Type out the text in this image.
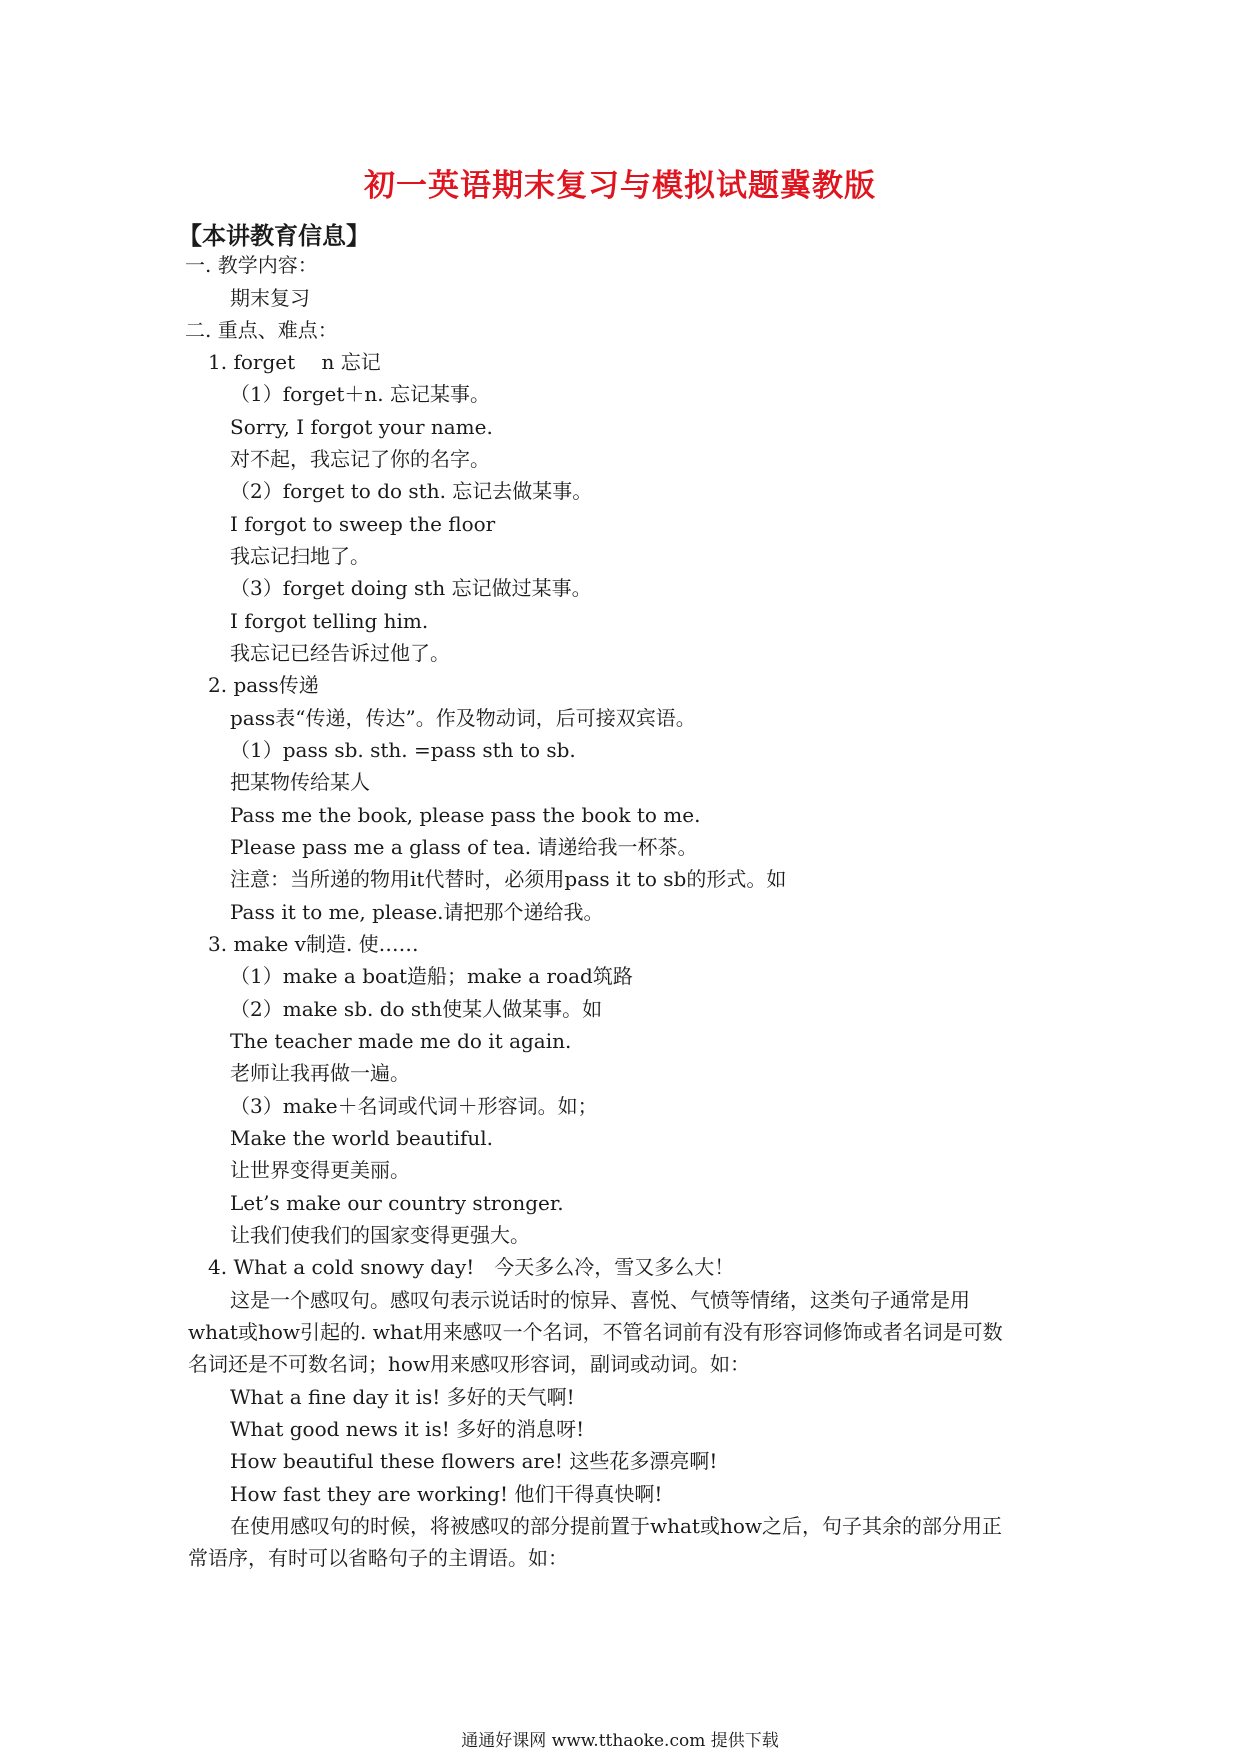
初一英语期末复习与模拟试题冀教版
【本讲教育信息】
一. 教学内容：
期末复习
二. 重点、难点：
1. forget　 n 忘记
（1）forget＋n. 忘记某事。
Sorry, I forgot your name.
对不起，我忘记了你的名字。
（2）forget to do sth. 忘记去做某事。
I forgot to sweep the floor
我忘记扫地了。
（3）forget doing sth 忘记做过某事。
I forgot telling him.
我忘记已经告诉过他了。
2. pass传递
pass表“传递，传达”。作及物动词，后可接双宾语。
（1）pass sb. sth. =pass sth to sb.
把某物传给某人
Pass me the book, please pass the book to me.
Please pass me a glass of tea. 请递给我一杯茶。
注意：当所递的物用it代替时，必须用pass it to sb的形式。如
Pass it to me, please.请把那个递给我。
3. make v制造. 使……
（1）make a boat造船；make a road筑路
（2）make sb. do sth使某人做某事。如
The teacher made me do it again.
老师让我再做一遍。
（3）make＋名词或代词＋形容词。如；
Make the world beautiful.
让世界变得更美丽。
Let’s make our country stronger.
让我们使我们的国家变得更强大。
4. What a cold snowy day!　今天多么冷，雪又多么大！
这是一个感叹句。感叹句表示说话时的惊异、喜悦、气愤等情绪，这类句子通常是用
what或how引起的. what用来感叹一个名词，不管名词前有没有形容词修饰或者名词是可数
名词还是不可数名词；how用来感叹形容词，副词或动词。如：
What a fine day it is! 多好的天气啊!
What good news it is! 多好的消息呀!
How beautiful these flowers are! 这些花多漂亮啊!
How fast they are working! 他们干得真快啊!
在使用感叹句的时候，将被感叹的部分提前置于what或how之后，句子其余的部分用正
常语序，有时可以省略句子的主谓语。如：
通通好课网 www.tthaoke.com 提供下载
